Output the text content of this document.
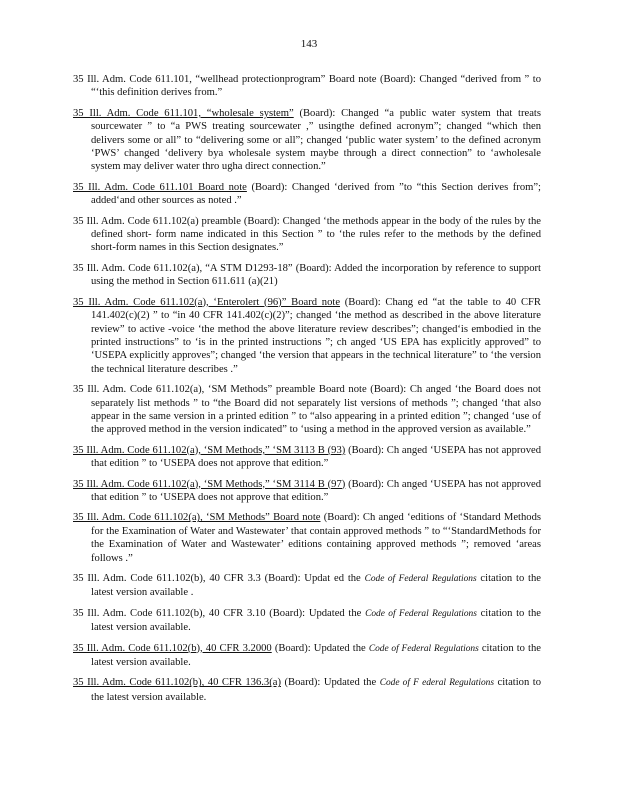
143
35 Ill. Adm. Code 611.101, “wellhead protectionprogram” Board note (Board): Changed “derived from ” to “‘this definition derives from.”
35 Ill. Adm. Code 611.101, “wholesale system” (Board): Changed “a public water system that treats sourcewater ” to “a PWS treating sourcewater ,” usingthe defined acronym”; changed “which then delivers some or all” to “delivering some or all”; changed ‘public water system’ to the defined acronym ‘PWS’ changed ‘delivery bya wholesale system maybe through a direct connection” to ‘awholesale system may deliver water thro ugha direct connection.”
35 Ill. Adm. Code 611.101 Board note (Board): Changed ‘derived from ”to “this Section derives from”; added‘and other sources as noted .”
35 Ill. Adm. Code 611.102(a) preamble (Board): Changed ‘the methods appear in the body of the rules by the defined short- form name indicated in this Section ” to ‘the rules refer to the methods by the defined short-form names in this Section designates.”
35 Ill. Adm. Code 611.102(a), “A STM D1293-18” (Board): Added the incorporation by reference to support using the method in Section 611.611 (a)(21)
35 Ill. Adm. Code 611.102(a), ‘Enterolert (96)” Board note (Board): Chang ed “at the table to 40 CFR 141.402(c)(2) ” to “in 40 CFR 141.402(c)(2)”; changed ‘the method as described in the above literature review” to active -voice ‘the method the above literature review describes”; changed‘is embodied in the printed instructions” to ‘is in the printed instructions ”; ch anged ‘US EPA has explicitly approved” to ‘USEPA explicitly approves”; changed ‘the version that appears in the technical literature” to ‘the version the technical literature describes .”
35 Ill. Adm. Code 611.102(a), ‘SM Methods” preamble Board note (Board): Ch anged ‘the Board does not separately list methods ” to “the Board did not separately list versions of methods ”; changed ‘that also appear in the same version in a printed edition ” to “also appearing in a printed edition ”; changed ‘use of the approved method in the version indicated” to ‘using a method in the approved version as available.”
35 Ill. Adm. Code 611.102(a), ‘SM Methods,” ‘SM 3113 B (93) (Board): Ch anged ‘USEPA has not approved that edition ” to ‘USEPA does not approve that edition.”
35 Ill. Adm. Code 611.102(a), ‘SM Methods,” ‘SM 3114 B (97) (Board): Ch anged ‘USEPA has not approved that edition ” to ‘USEPA does not approve that edition.”
35 Ill. Adm. Code 611.102(a), ‘SM Methods” Board note (Board): Ch anged ‘editions of ‘Standard Methods for the Examination of Water and Wastewater’ that contain approved methods ” to “‘StandardMethods for the Examination of Water and Wastewater’ editions containing approved methods ”; removed ‘areas follows .”
35 Ill. Adm. Code 611.102(b), 40 CFR 3.3 (Board): Updat ed the Code of Federal Regulations citation to the latest version available .
35 Ill. Adm. Code 611.102(b), 40 CFR 3.10 (Board): Updated the Code of Federal Regulations citation to the latest version available.
35 Ill. Adm. Code 611.102(b), 40 CFR 3.2000 (Board): Updated the Code of Federal Regulations citation to the latest version available.
35 Ill. Adm. Code 611.102(b), 40 CFR 136.3(a) (Board): Updated the Code of F ederal Regulations citation to the latest version available.
